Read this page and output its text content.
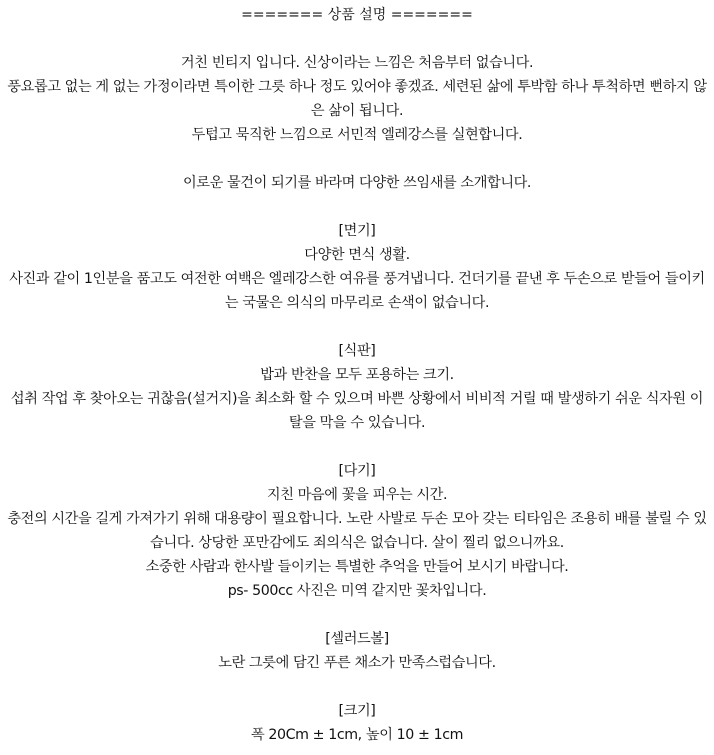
======= 상품 설명 =======
거친 빈티지 입니다. 신상이라는 느낌은 처음부터 없습니다.
풍요롭고 없는 게 없는 가정이라면 특이한 그릇 하나 정도 있어야 좋겠죠. 세련된 삶에 투박함 하나 투척하면 뻔하지 않은 삶이 됩니다.
두텁고 묵직한 느낌으로 서민적 엘레강스를 실현합니다.
이로운 물건이 되기를 바라며 다양한 쓰임새를 소개합니다.
[면기]
다양한 면식 생활.
사진과 같이 1인분을 품고도 여전한 여백은 엘레강스한 여유를 풍겨냅니다. 건더기를 끝낸 후 두손으로 받들어 들이키는 국물은 의식의 마무리로 손색이 없습니다.
[식판]
밥과 반찬을 모두 포용하는 크기.
섭취 작업 후 찾아오는 귀찮음(설거지)을 최소화 할 수 있으며 바쁜 상황에서 비비적 거릴 때 발생하기 쉬운 식자원 이탈을 막을 수 있습니다.
[다기]
지친 마음에 꽃을 피우는 시간.
충전의 시간을 길게 가져가기 위해 대용량이 필요합니다. 노란 사발로 두손 모아 갖는 티타임은 조용히 배를 불릴 수 있습니다. 상당한 포만감에도 죄의식은 없습니다. 살이 찔리 없으니까요.
소중한 사람과 한사발 들이키는 특별한 추억을 만들어 보시기 바랍니다.
ps- 500cc 사진은 미역 같지만 꽃차입니다.
[셀러드볼]
노란 그릇에 담긴 푸른 채소가 만족스럽습니다.
[크기]
폭 20Cm ± 1cm, 높이 10 ± 1cm
